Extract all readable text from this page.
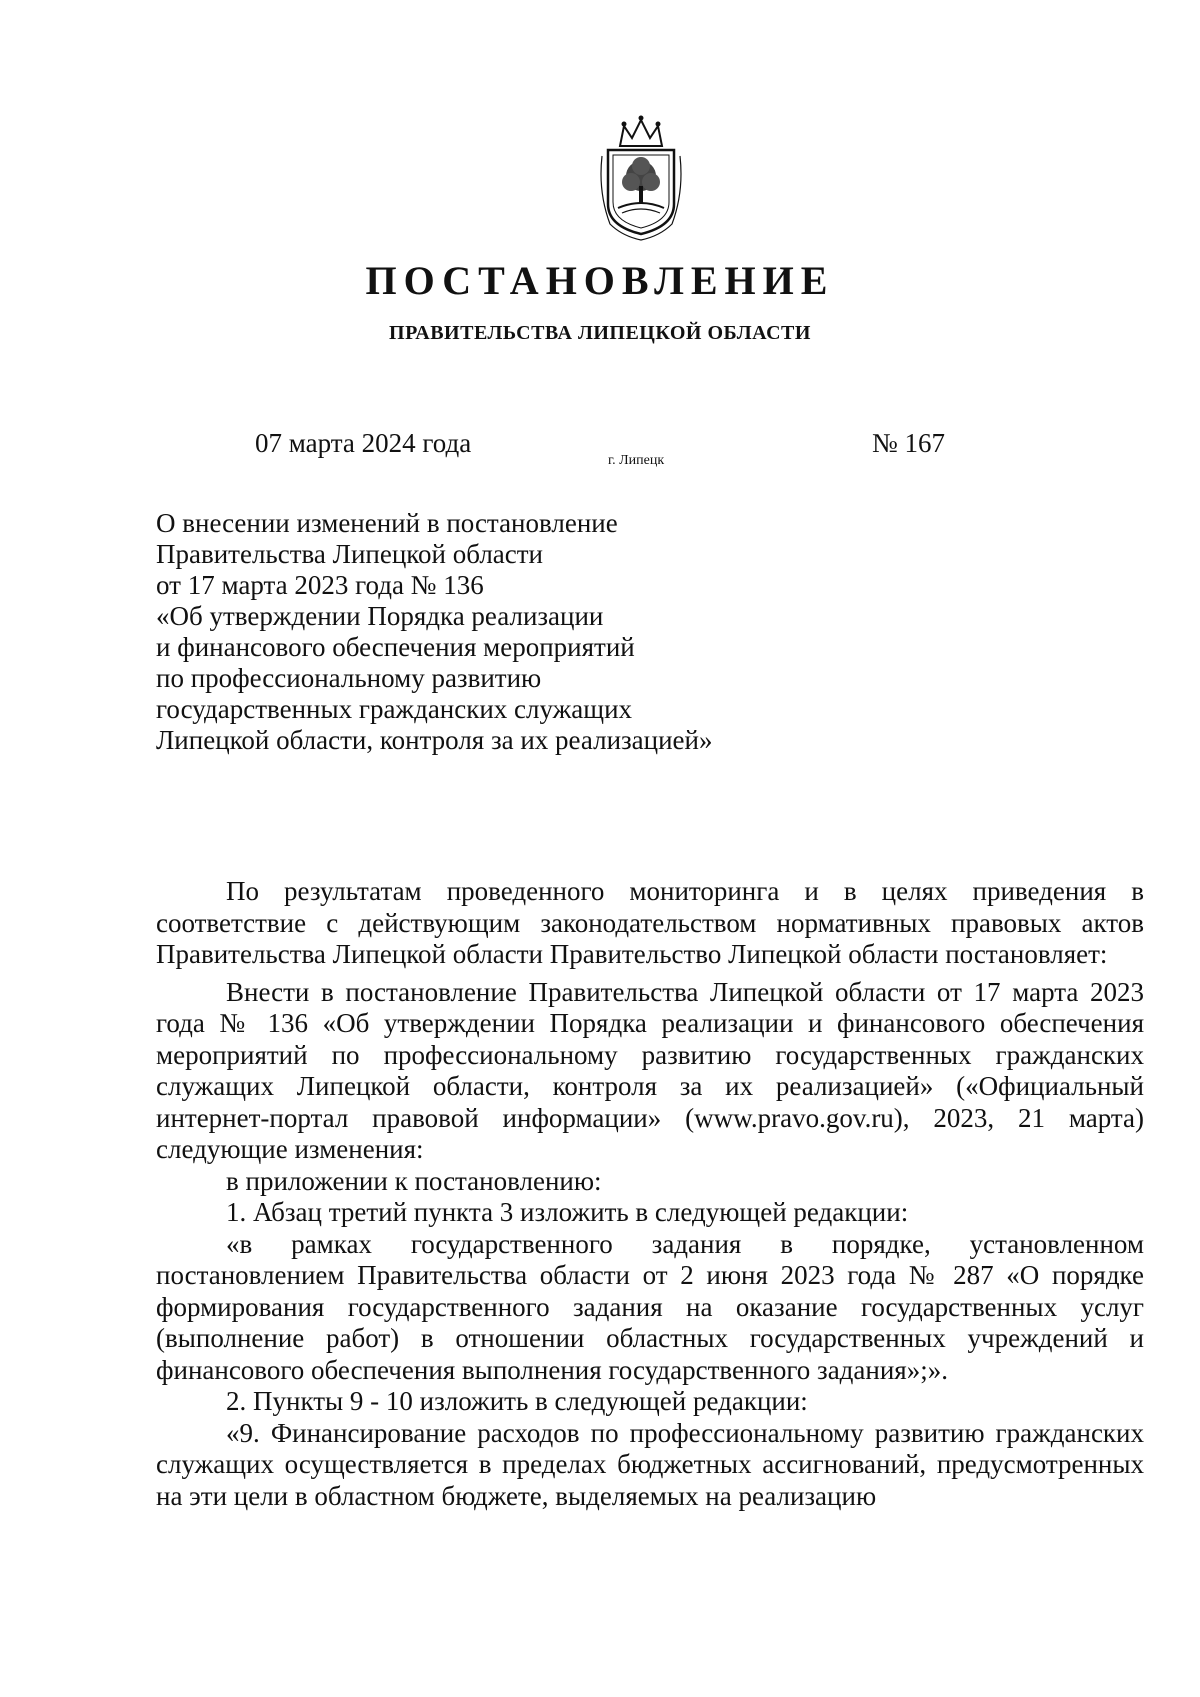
ПОСТАНОВЛЕНИЕ
ПРАВИТЕЛЬСТВА ЛИПЕЦКОЙ ОБЛАСТИ
07 марта 2024 года
г. Липецк
№ 167
О внесении изменений в постановление
Правительства Липецкой области
от 17 марта 2023 года № 136
«Об утверждении Порядка реализации
и финансового обеспечения мероприятий
по профессиональному развитию
государственных гражданских служащих
Липецкой области, контроля за их реализацией»

По результатам проведенного мониторинга и в целях приведения в соответствие с действующим законодательством нормативных правовых актов Правительства Липецкой области Правительство Липецкой области постановляет:

Внести в постановление Правительства Липецкой области от 17 марта 2023 года № 136 «Об утверждении Порядка реализации и финансового обеспечения мероприятий по профессиональному развитию государственных гражданских служащих Липецкой области, контроля за их реализацией» («Официальный интернет-портал правовой информации» (www.pravo.gov.ru), 2023, 21 марта) следующие изменения:

в приложении к постановлению:

1. Абзац третий пункта 3 изложить в следующей редакции:

«в рамках государственного задания в порядке, установленном постановлением Правительства области от 2 июня 2023 года № 287 «О порядке формирования государственного задания на оказание государственных услуг (выполнение работ) в отношении областных государственных учреждений и финансового обеспечения выполнения государственного задания»;».

2. Пункты 9 - 10 изложить в следующей редакции:

«9. Финансирование расходов по профессиональному развитию гражданских служащих осуществляется в пределах бюджетных ассигнований, предусмотренных на эти цели в областном бюджете, выделяемых на реализацию
